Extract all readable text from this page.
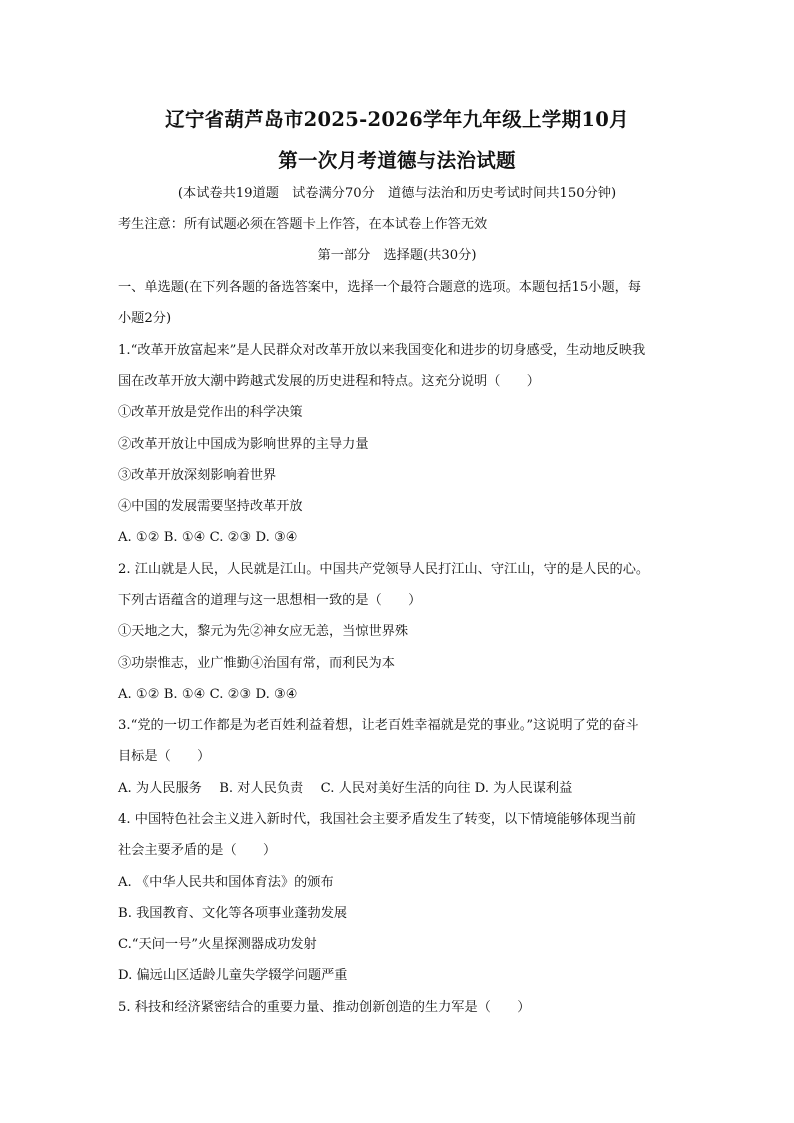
辽宁省葫芦岛市2025-2026学年九年级上学期10月
第一次月考道德与法治试题
(本试卷共19道题　试卷满分70分　道德与法治和历史考试时间共150分钟)
考生注意：所有试题必须在答题卡上作答，在本试卷上作答无效
第一部分　选择题(共30分)
一、单选题(在下列各题的备选答案中，选择一个最符合题意的选项。本题包括15小题，每
小题2分)
1.“改革开放富起来”是人民群众对改革开放以来我国变化和进步的切身感受，生动地反映我
国在改革开放大潮中跨越式发展的历史进程和特点。这充分说明（　　）
①改革开放是党作出的科学决策
②改革开放让中国成为影响世界的主导力量
③改革开放深刻影响着世界
④中国的发展需要坚持改革开放
A. ①② B. ①④ C. ②③ D. ③④
2. 江山就是人民，人民就是江山。中国共产党领导人民打江山、守江山，守的是人民的心。
下列古语蕴含的道理与这一思想相一致的是（　　）
①天地之大，黎元为先②神女应无恙，当惊世界殊
③功崇惟志，业广惟勤④治国有常，而利民为本
A. ①② B. ①④ C. ②③ D. ③④
3.“党的一切工作都是为老百姓利益着想，让老百姓幸福就是党的事业。”这说明了党的奋斗
目标是（　　）
A. 为人民服务　 B. 对人民负责　 C. 人民对美好生活的向往 D. 为人民谋利益
4. 中国特色社会主义进入新时代，我国社会主要矛盾发生了转变，以下情境能够体现当前
社会主要矛盾的是（　　）
A. 《中华人民共和国体育法》的颁布
B. 我国教育、文化等各项事业蓬勃发展
C.“天问一号”火星探测器成功发射
D. 偏远山区适龄儿童失学辍学问题严重
5. 科技和经济紧密结合的重要力量、推动创新创造的生力军是（　　）
